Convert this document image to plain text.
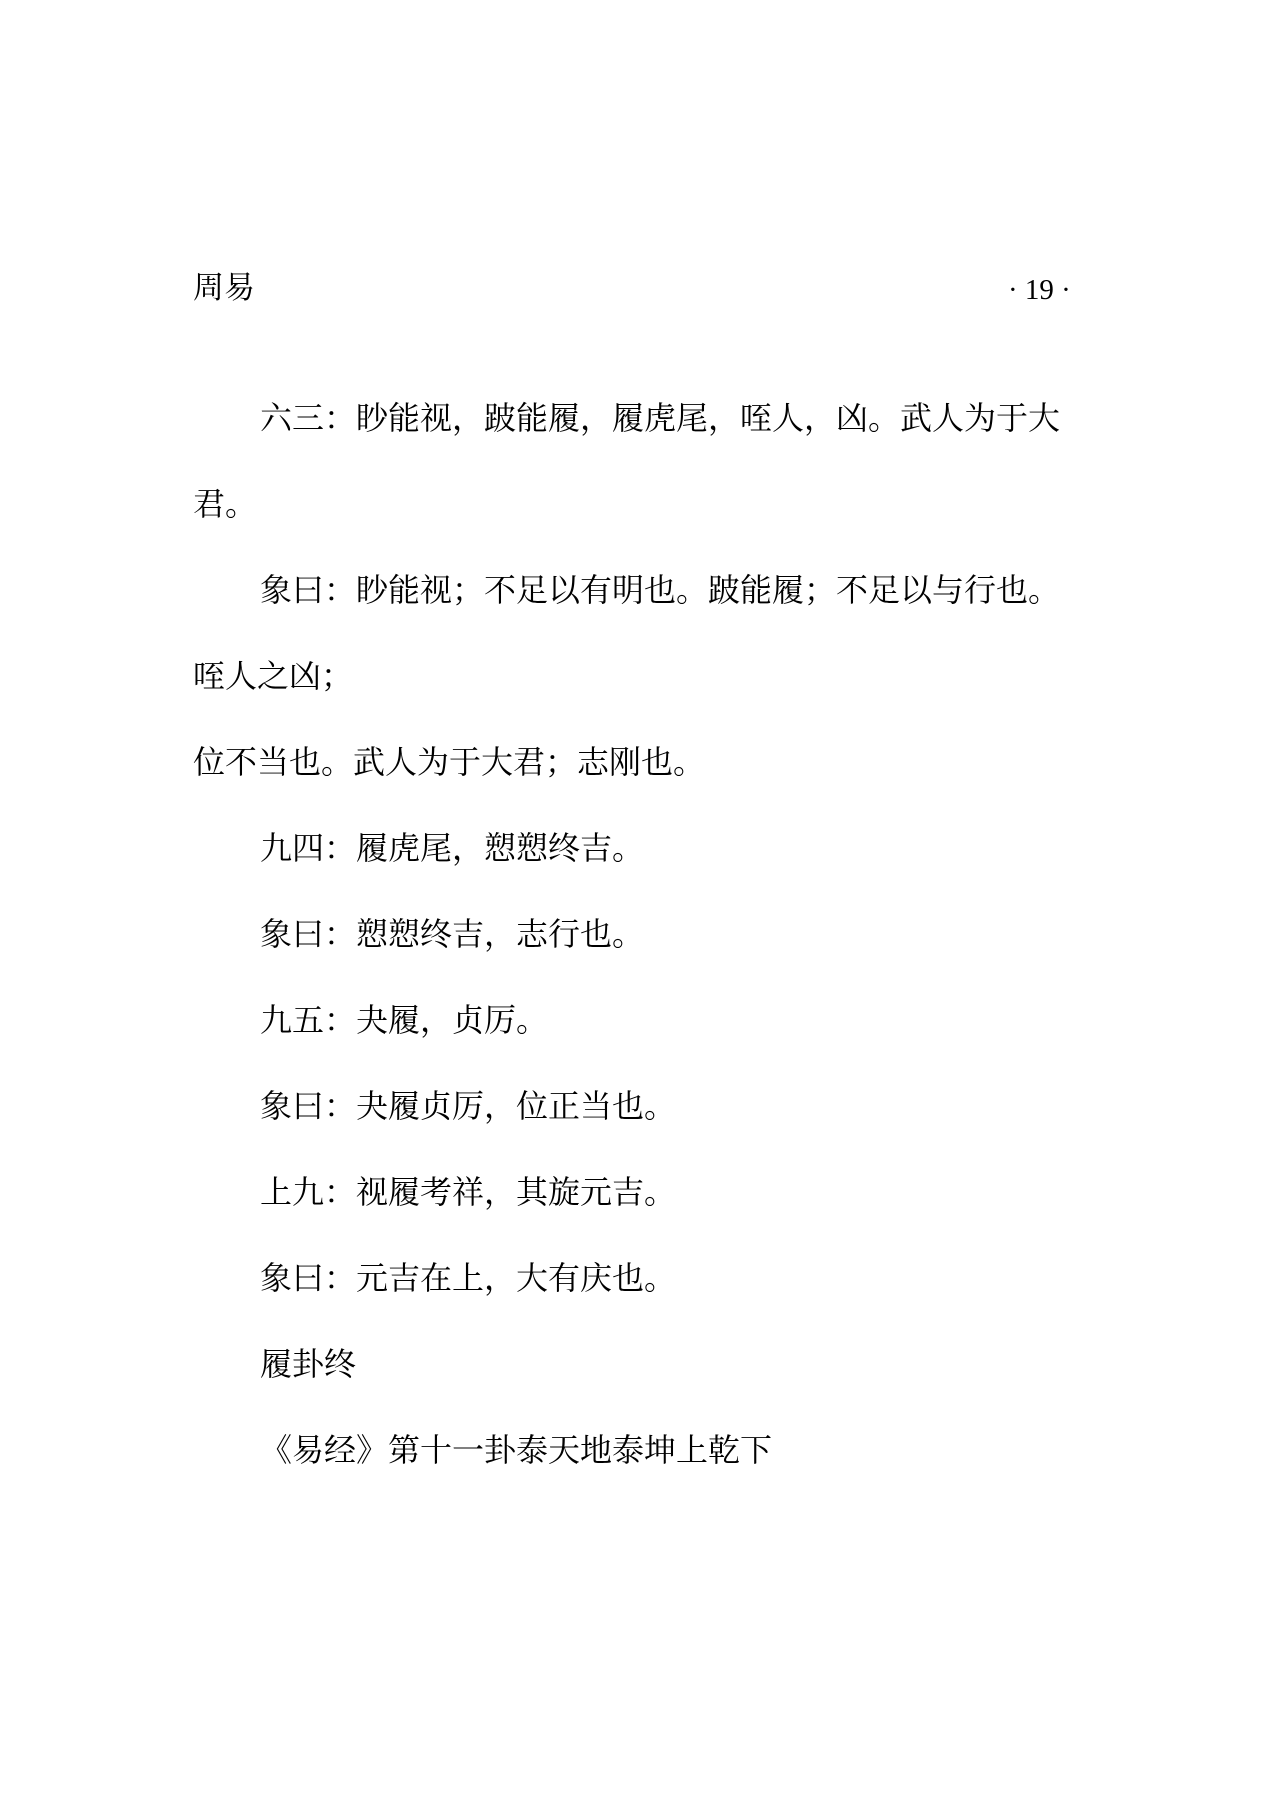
周易	· 19 ·
六三：眇能视，跛能履，履虎尾，咥人，凶。武人为于大
君。
象曰：眇能视；不足以有明也。跛能履；不足以与行也。
咥人之凶；
位不当也。武人为于大君；志刚也。
九四：履虎尾，愬愬终吉。
象曰：愬愬终吉，志行也。
九五：夬履，贞厉。
象曰：夬履贞厉，位正当也。
上九：视履考祥，其旋元吉。
象曰：元吉在上，大有庆也。
履卦终
《易经》第十一卦泰天地泰坤上乾下
